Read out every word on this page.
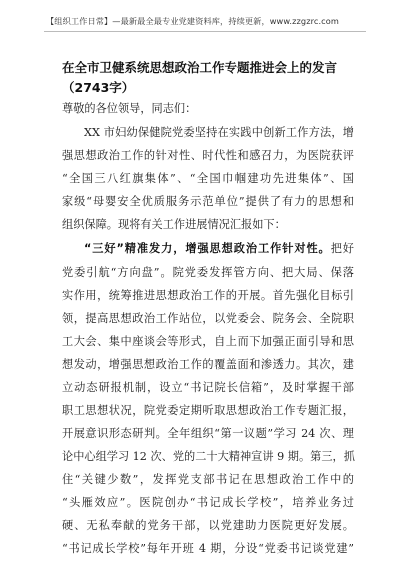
【组织工作日常】—最新最全最专业党建资料库，持续更新，www.zzgzrc.com
在全市卫健系统思想政治工作专题推进会上的发言（2743字）
尊敬的各位领导，同志们：
XX 市妇幼保健院党委坚持在实践中创新工作方法，增
强思想政治工作的针对性、时代性和感召力，为医院获评
“全国三八红旗集体”、“全国巾帼建功先进集体”、国
家级“母婴安全优质服务示范单位”提供了有力的思想和
组织保障。现将有关工作进展情况汇报如下：
“三好”精准发力，增强思想政治工作针对性。把好
党委引航“方向盘”。院党委发挥管方向、把大局、保落
实作用，统筹推进思想政治工作的开展。首先强化目标引
领，提高思想政治工作站位，以党委会、院务会、全院职
工大会、集中座谈会等形式，自上而下加强正面引导和思
想发动，增强思想政治工作的覆盖面和渗透力。其次，建
立动态研报机制，设立“书记院长信箱”，及时掌握干部
职工思想状况，院党委定期听取思想政治工作专题汇报，
开展意识形态研判。全年组织“第一议题”学习 24 次、理
论中心组学习 12 次、党的二十大精神宣讲 9 期。第三，抓
住“关键少数”，发挥党支部书记在思想政治工作中的
“头雁效应”。医院创办“书记成长学校”，培养业务过
硬、无私奉献的党务干部，以党建助力医院更好发展。
“书记成长学校”每年开班 4 期，分设“党委书记谈党建”
